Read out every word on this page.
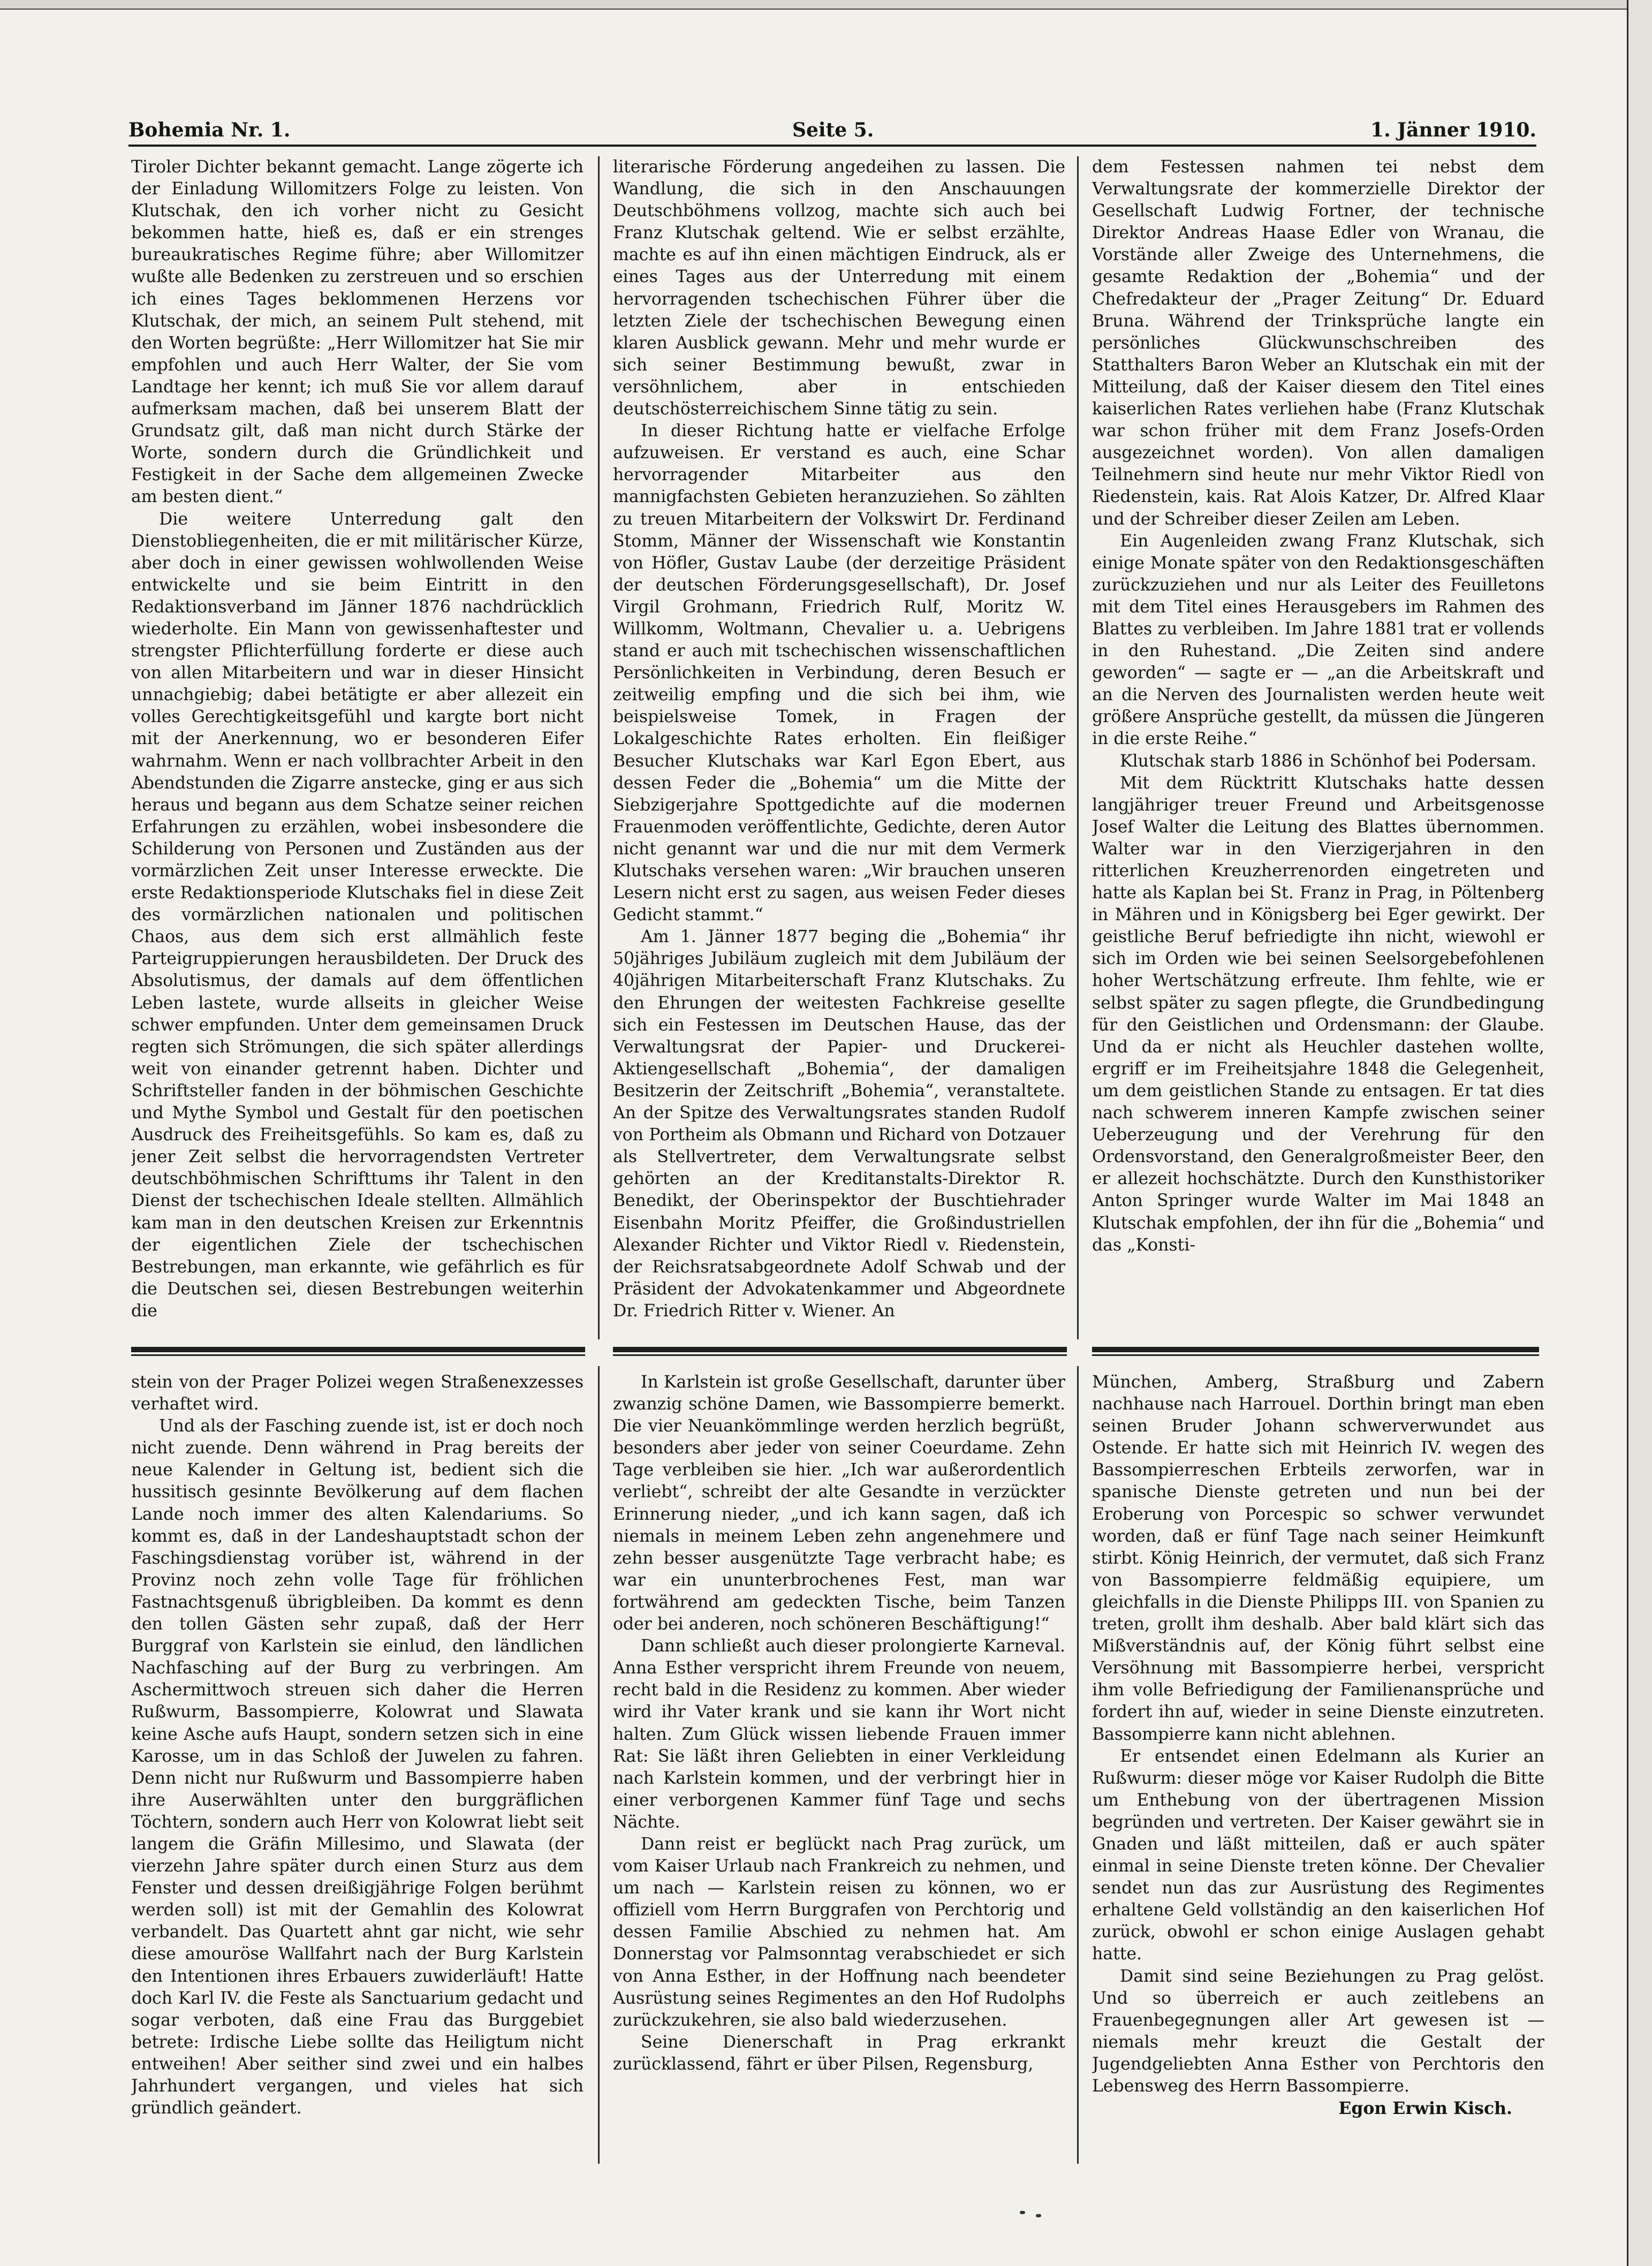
Bohemia Nr. 1.	Seite 5.	1. Jänner 1910.

Tiroler Dichter bekannt gemacht. Lange zögerte ich der Einladung Willomitzers Folge zu leisten. Von Klutschak, den ich vorher nicht zu Gesicht bekommen hatte, hieß es, daß er ein strenges bureaukratisches Regime führe; aber Willomitzer wußte alle Bedenken zu zerstreuen und so erschien ich eines Tages beklommenen Herzens vor Klutschak, der mich, an seinem Pult stehend, mit den Worten begrüßte: „Herr Willomitzer hat Sie mir empfohlen und auch Herr Walter, der Sie vom Landtage her kennt; ich muß Sie vor allem darauf aufmerksam machen, daß bei unserem Blatt der Grundsatz gilt, daß man nicht durch Stärke der Worte, sondern durch die Gründlichkeit und Festigkeit in der Sache dem allgemeinen Zwecke am besten dient.“

Die weitere Unterredung galt den Dienstobliegenheiten, die er mit militärischer Kürze, aber doch in einer gewissen wohlwollenden Weise entwickelte und sie beim Eintritt in den Redaktionsverband im Jänner 1876 nachdrücklich wiederholte. Ein Mann von gewissenhaftester und strengster Pflichterfüllung forderte er diese auch von allen Mitarbeitern und war in dieser Hinsicht unnachgiebig; dabei betätigte er aber allezeit ein volles Gerechtigkeitsgefühl und kargte bort nicht mit der Anerkennung, wo er besonderen Eifer wahrnahm. Wenn er nach vollbrachter Arbeit in den Abendstunden die Zigarre anstecke, ging er aus sich heraus und begann aus dem Schatze seiner reichen Erfahrungen zu erzählen, wobei insbesondere die Schilderung von Personen und Zuständen aus der vormärzlichen Zeit unser Interesse erweckte. Die erste Redaktionsperiode Klutschaks fiel in diese Zeit des vormärzlichen nationalen und politischen Chaos, aus dem sich erst allmählich feste Parteigruppierungen herausbildeten. Der Druck des Absolutismus, der damals auf dem öffentlichen Leben lastete, wurde allseits in gleicher Weise schwer empfunden. Unter dem gemeinsamen Druck regten sich Strömungen, die sich später allerdings weit von einander getrennt haben. Dichter und Schriftsteller fanden in der böhmischen Geschichte und Mythe Symbol und Gestalt für den poetischen Ausdruck des Freiheitsgefühls. So kam es, daß zu jener Zeit selbst die hervorragendsten Vertreter deutschböhmischen Schrifttums ihr Talent in den Dienst der tschechischen Ideale stellten. Allmählich kam man in den deutschen Kreisen zur Erkenntnis der eigentlichen Ziele der tschechischen Bestrebungen, man erkannte, wie gefährlich es für die Deutschen sei, diesen Bestrebungen weiterhin die

literarische Förderung angedeihen zu lassen. Die Wandlung, die sich in den Anschauungen Deutschböhmens vollzog, machte sich auch bei Franz Klutschak geltend. Wie er selbst erzählte, machte es auf ihn einen mächtigen Eindruck, als er eines Tages aus der Unterredung mit einem hervorragenden tschechischen Führer über die letzten Ziele der tschechischen Bewegung einen klaren Ausblick gewann. Mehr und mehr wurde er sich seiner Bestimmung bewußt, zwar in versöhnlichem, aber in entschieden deutschösterreichischem Sinne tätig zu sein.

In dieser Richtung hatte er vielfache Erfolge aufzuweisen. Er verstand es auch, eine Schar hervorragender Mitarbeiter aus den mannigfachsten Gebieten heranzuziehen. So zählten zu treuen Mitarbeitern der Volkswirt Dr. Ferdinand Stomm, Männer der Wissenschaft wie Konstantin von Höfler, Gustav Laube (der derzeitige Präsident der deutschen Förderungsgesellschaft), Dr. Josef Virgil Grohmann, Friedrich Rulf, Moritz W. Willkomm, Woltmann, Chevalier u. a. Uebrigens stand er auch mit tschechischen wissenschaftlichen Persönlichkeiten in Verbindung, deren Besuch er zeitweilig empfing und die sich bei ihm, wie beispielsweise Tomek, in Fragen der Lokalgeschichte Rates erholten. Ein fleißiger Besucher Klutschaks war Karl Egon Ebert, aus dessen Feder die „Bohemia“ um die Mitte der Siebzigerjahre Spottgedichte auf die modernen Frauenmoden veröffentlichte, Gedichte, deren Autor nicht genannt war und die nur mit dem Vermerk Klutschaks versehen waren: „Wir brauchen unseren Lesern nicht erst zu sagen, aus weisen Feder dieses Gedicht stammt.“

Am 1. Jänner 1877 beging die „Bohemia“ ihr 50jähriges Jubiläum zugleich mit dem Jubiläum der 40jährigen Mitarbeiterschaft Franz Klutschaks. Zu den Ehrungen der weitesten Fachkreise gesellte sich ein Festessen im Deutschen Hause, das der Verwaltungsrat der Papier- und Druckerei-Aktiengesellschaft „Bohemia“, der damaligen Besitzerin der Zeitschrift „Bohemia“, veranstaltete. An der Spitze des Verwaltungsrates standen Rudolf von Portheim als Obmann und Richard von Dotzauer als Stellvertreter, dem Verwaltungsrate selbst gehörten an der Kreditanstalts-Direktor R. Benedikt, der Oberinspektor der Buschtiehrader Eisenbahn Moritz Pfeiffer, die Großindustriellen Alexander Richter und Viktor Riedl v. Riedenstein, der Reichsratsabgeordnete Adolf Schwab und der Präsident der Advokatenkammer und Abgeordnete Dr. Friedrich Ritter v. Wiener. An

dem Festessen nahmen tei nebst dem Verwaltungsrate der kommerzielle Direktor der Gesellschaft Ludwig Fortner, der technische Direktor Andreas Haase Edler von Wranau, die Vorstände aller Zweige des Unternehmens, die gesamte Redaktion der „Bohemia“ und der Chefredakteur der „Prager Zeitung“ Dr. Eduard Bruna. Während der Trinksprüche langte ein persönliches Glückwunschschreiben des Statthalters Baron Weber an Klutschak ein mit der Mitteilung, daß der Kaiser diesem den Titel eines kaiserlichen Rates verliehen habe (Franz Klutschak war schon früher mit dem Franz Josefs-Orden ausgezeichnet worden). Von allen damaligen Teilnehmern sind heute nur mehr Viktor Riedl von Riedenstein, kais. Rat Alois Katzer, Dr. Alfred Klaar und der Schreiber dieser Zeilen am Leben.

Ein Augenleiden zwang Franz Klutschak, sich einige Monate später von den Redaktionsgeschäften zurückzuziehen und nur als Leiter des Feuilletons mit dem Titel eines Herausgebers im Rahmen des Blattes zu verbleiben. Im Jahre 1881 trat er vollends in den Ruhestand. „Die Zeiten sind andere geworden“ — sagte er — „an die Arbeitskraft und an die Nerven des Journalisten werden heute weit größere Ansprüche gestellt, da müssen die Jüngeren in die erste Reihe.“

Klutschak starb 1886 in Schönhof bei Podersam.

Mit dem Rücktritt Klutschaks hatte dessen langjähriger treuer Freund und Arbeitsgenosse Josef Walter die Leitung des Blattes übernommen. Walter war in den Vierzigerjahren in den ritterlichen Kreuzherrenorden eingetreten und hatte als Kaplan bei St. Franz in Prag, in Pöltenberg in Mähren und in Königsberg bei Eger gewirkt. Der geistliche Beruf befriedigte ihn nicht, wiewohl er sich im Orden wie bei seinen Seelsorgebefohlenen hoher Wertschätzung erfreute. Ihm fehlte, wie er selbst später zu sagen pflegte, die Grundbedingung für den Geistlichen und Ordensmann: der Glaube. Und da er nicht als Heuchler dastehen wollte, ergriff er im Freiheitsjahre 1848 die Gelegenheit, um dem geistlichen Stande zu entsagen. Er tat dies nach schwerem inneren Kampfe zwischen seiner Ueberzeugung und der Verehrung für den Ordensvorstand, den Generalgroßmeister Beer, den er allezeit hochschätzte. Durch den Kunsthistoriker Anton Springer wurde Walter im Mai 1848 an Klutschak empfohlen, der ihn für die „Bohemia“ und das „Konsti-

stein von der Prager Polizei wegen Straßenexzesses verhaftet wird.

Und als der Fasching zuende ist, ist er doch noch nicht zuende. Denn während in Prag bereits der neue Kalender in Geltung ist, bedient sich die hussitisch gesinnte Bevölkerung auf dem flachen Lande noch immer des alten Kalendariums. So kommt es, daß in der Landeshauptstadt schon der Faschingsdienstag vorüber ist, während in der Provinz noch zehn volle Tage für fröhlichen Fastnachtsgenuß übrigbleiben. Da kommt es denn den tollen Gästen sehr zupaß, daß der Herr Burggraf von Karlstein sie einlud, den ländlichen Nachfasching auf der Burg zu verbringen. Am Aschermittwoch streuen sich daher die Herren Rußwurm, Bassompierre, Kolowrat und Slawata keine Asche aufs Haupt, sondern setzen sich in eine Karosse, um in das Schloß der Juwelen zu fahren. Denn nicht nur Rußwurm und Bassompierre haben ihre Auserwählten unter den burggräflichen Töchtern, sondern auch Herr von Kolowrat liebt seit langem die Gräfin Millesimo, und Slawata (der vierzehn Jahre später durch einen Sturz aus dem Fenster und dessen dreißigjährige Folgen berühmt werden soll) ist mit der Gemahlin des Kolowrat verbandelt. Das Quartett ahnt gar nicht, wie sehr diese amouröse Wallfahrt nach der Burg Karlstein den Intentionen ihres Erbauers zuwiderläuft! Hatte doch Karl IV. die Feste als Sanctuarium gedacht und sogar verboten, daß eine Frau das Burggebiet betrete: Irdische Liebe sollte das Heiligtum nicht entweihen! Aber seither sind zwei und ein halbes Jahrhundert vergangen, und vieles hat sich gründlich geändert.

In Karlstein ist große Gesellschaft, darunter über zwanzig schöne Damen, wie Bassompierre bemerkt. Die vier Neuankömmlinge werden herzlich begrüßt, besonders aber jeder von seiner Coeurdame. Zehn Tage verbleiben sie hier. „Ich war außerordentlich verliebt“, schreibt der alte Gesandte in verzückter Erinnerung nieder, „und ich kann sagen, daß ich niemals in meinem Leben zehn angenehmere und zehn besser ausgenützte Tage verbracht habe; es war ein ununterbrochenes Fest, man war fortwährend am gedeckten Tische, beim Tanzen oder bei anderen, noch schöneren Beschäftigung!“

Dann schließt auch dieser prolongierte Karneval. Anna Esther verspricht ihrem Freunde von neuem, recht bald in die Residenz zu kommen. Aber wieder wird ihr Vater krank und sie kann ihr Wort nicht halten. Zum Glück wissen liebende Frauen immer Rat: Sie läßt ihren Geliebten in einer Verkleidung nach Karlstein kommen, und der verbringt hier in einer verborgenen Kammer fünf Tage und sechs Nächte.

Dann reist er beglückt nach Prag zurück, um vom Kaiser Urlaub nach Frankreich zu nehmen, und um nach — Karlstein reisen zu können, wo er offiziell vom Herrn Burggrafen von Perchtorig und dessen Familie Abschied zu nehmen hat. Am Donnerstag vor Palmsonntag verabschiedet er sich von Anna Esther, in der Hoffnung nach beendeter Ausrüstung seines Regimentes an den Hof Rudolphs zurückzukehren, sie also bald wiederzusehen.

Seine Dienerschaft in Prag erkrankt zurücklassend, fährt er über Pilsen, Regensburg,

München, Amberg, Straßburg und Zabern nachhause nach Harrouel. Dorthin bringt man eben seinen Bruder Johann schwerverwundet aus Ostende. Er hatte sich mit Heinrich IV. wegen des Bassompierreschen Erbteils zerworfen, war in spanische Dienste getreten und nun bei der Eroberung von Porcespic so schwer verwundet worden, daß er fünf Tage nach seiner Heimkunft stirbt. König Heinrich, der vermutet, daß sich Franz von Bassompierre feldmäßig equipiere, um gleichfalls in die Dienste Philipps III. von Spanien zu treten, grollt ihm deshalb. Aber bald klärt sich das Mißverständnis auf, der König führt selbst eine Versöhnung mit Bassompierre herbei, verspricht ihm volle Befriedigung der Familienansprüche und fordert ihn auf, wieder in seine Dienste einzutreten. Bassompierre kann nicht ablehnen.

Er entsendet einen Edelmann als Kurier an Rußwurm: dieser möge vor Kaiser Rudolph die Bitte um Enthebung von der übertragenen Mission begründen und vertreten. Der Kaiser gewährt sie in Gnaden und läßt mitteilen, daß er auch später einmal in seine Dienste treten könne. Der Chevalier sendet nun das zur Ausrüstung des Regimentes erhaltene Geld vollständig an den kaiserlichen Hof zurück, obwohl er schon einige Auslagen gehabt hatte.

Damit sind seine Beziehungen zu Prag gelöst. Und so überreich er auch zeitlebens an Frauenbegegnungen aller Art gewesen ist — niemals mehr kreuzt die Gestalt der Jugendgeliebten Anna Esther von Perchtoris den Lebensweg des Herrn Bassompierre.

Egon Erwin Kisch.
